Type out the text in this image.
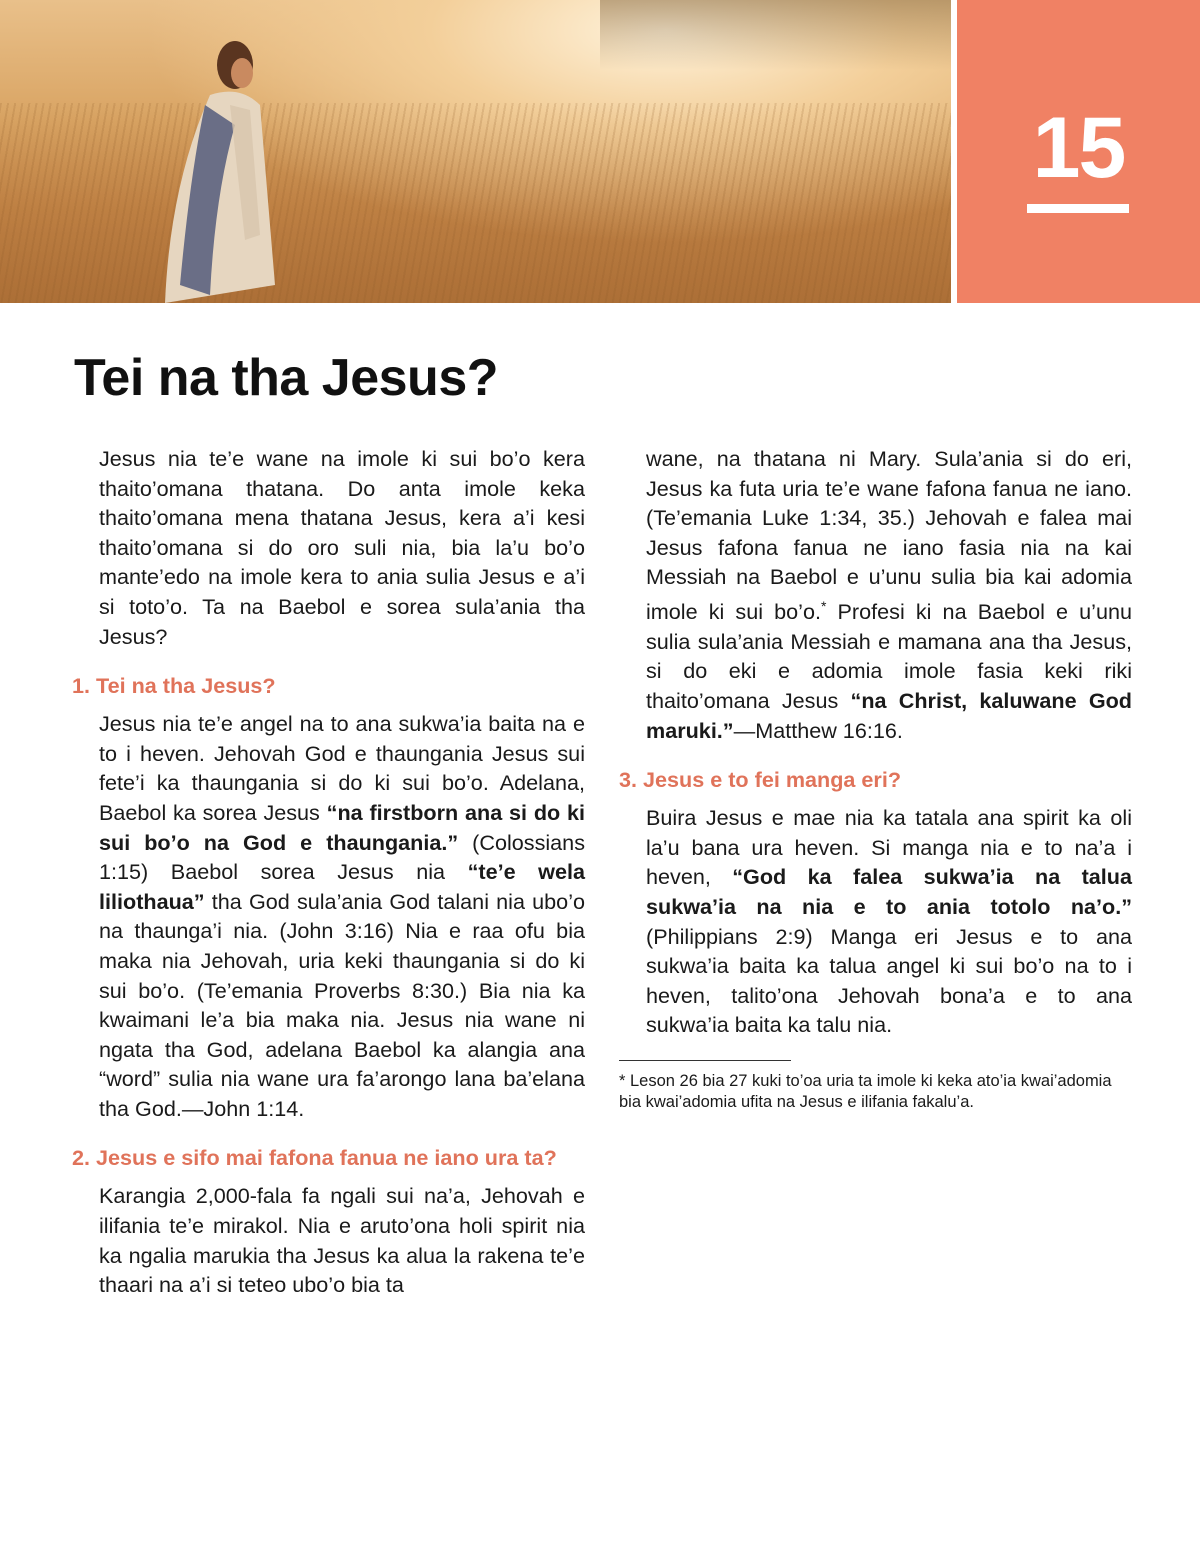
15
Tei na tha Jesus?

Jesus nia te’e wane na imole ki sui bo’o kera thaito’omana thatana. Do anta imole keka thaito’omana mena thatana Jesus, kera a’i kesi thaito’omana si do oro suli nia, bia la’u bo’o mante’edo na imole kera to ania sulia Jesus e a’i si toto’o. Ta na Baebol e sorea sula’ania tha Jesus?

1. Tei na tha Jesus?

Jesus nia te’e angel na to ana sukwa’ia baita na e to i heven. Jehovah God e thaungania Jesus sui fete’i ka thaungania si do ki sui bo’o. Adelana, Baebol ka sorea Jesus “na firstborn ana si do ki sui bo’o na God e thaungania.” (Colossians 1:15) Baebol sorea Jesus nia “te’e wela liliothaua” tha God sula’ania God talani nia ubo’o na thaunga’i nia. (John 3:16) Nia e raa ofu bia maka nia Jehovah, uria keki thaungania si do ki sui bo’o. (Te’emania Proverbs 8:30.) Bia nia ka kwaimani le’a bia maka nia. Jesus nia wane ni ngata tha God, adelana Baebol ka alangia ana “word” sulia nia wane ura fa’arongo lana ba’elana tha God.—John 1:14.

2. Jesus e sifo mai fafona fanua ne iano ura ta?

Karangia 2,000-fala fa ngali sui na’a, Jehovah e ilifania te’e mirakol. Nia e aruto’ona holi spirit nia ka ngalia marukia tha Jesus ka alua la rakena te’e thaari na a’i si teteo ubo’o bia ta

wane, na thatana ni Mary. Sula’ania si do eri, Jesus ka futa uria te’e wane fafona fanua ne iano. (Te’emania Luke 1:34, 35.) Jehovah e falea mai Jesus fafona fanua ne iano fasia nia na kai Messiah na Baebol e u’unu sulia bia kai adomia imole ki sui bo’o.* Profesi ki na Baebol e u’unu sulia sula’ania Messiah e mamana ana tha Jesus, si do eki e adomia imole fasia keki riki thaito’omana Jesus “na Christ, kaluwane God maruki.”—Matthew 16:16.

3. Jesus e to fei manga eri?

Buira Jesus e mae nia ka tatala ana spirit ka oli la’u bana ura heven. Si manga nia e to na’a i heven, “God ka falea sukwa’ia na talua sukwa’ia na nia e to ania totolo na’o.” (Philippians 2:9) Manga eri Jesus e to ana sukwa’ia baita ka talua angel ki sui bo’o na to i heven, talito’ona Jehovah bona’a e to ana sukwa’ia baita ka talu nia.

* Leson 26 bia 27 kuki to’oa uria ta imole ki keka ato’ia kwai’adomia bia kwai’adomia ufita na Jesus e ilifania fakalu’a.
